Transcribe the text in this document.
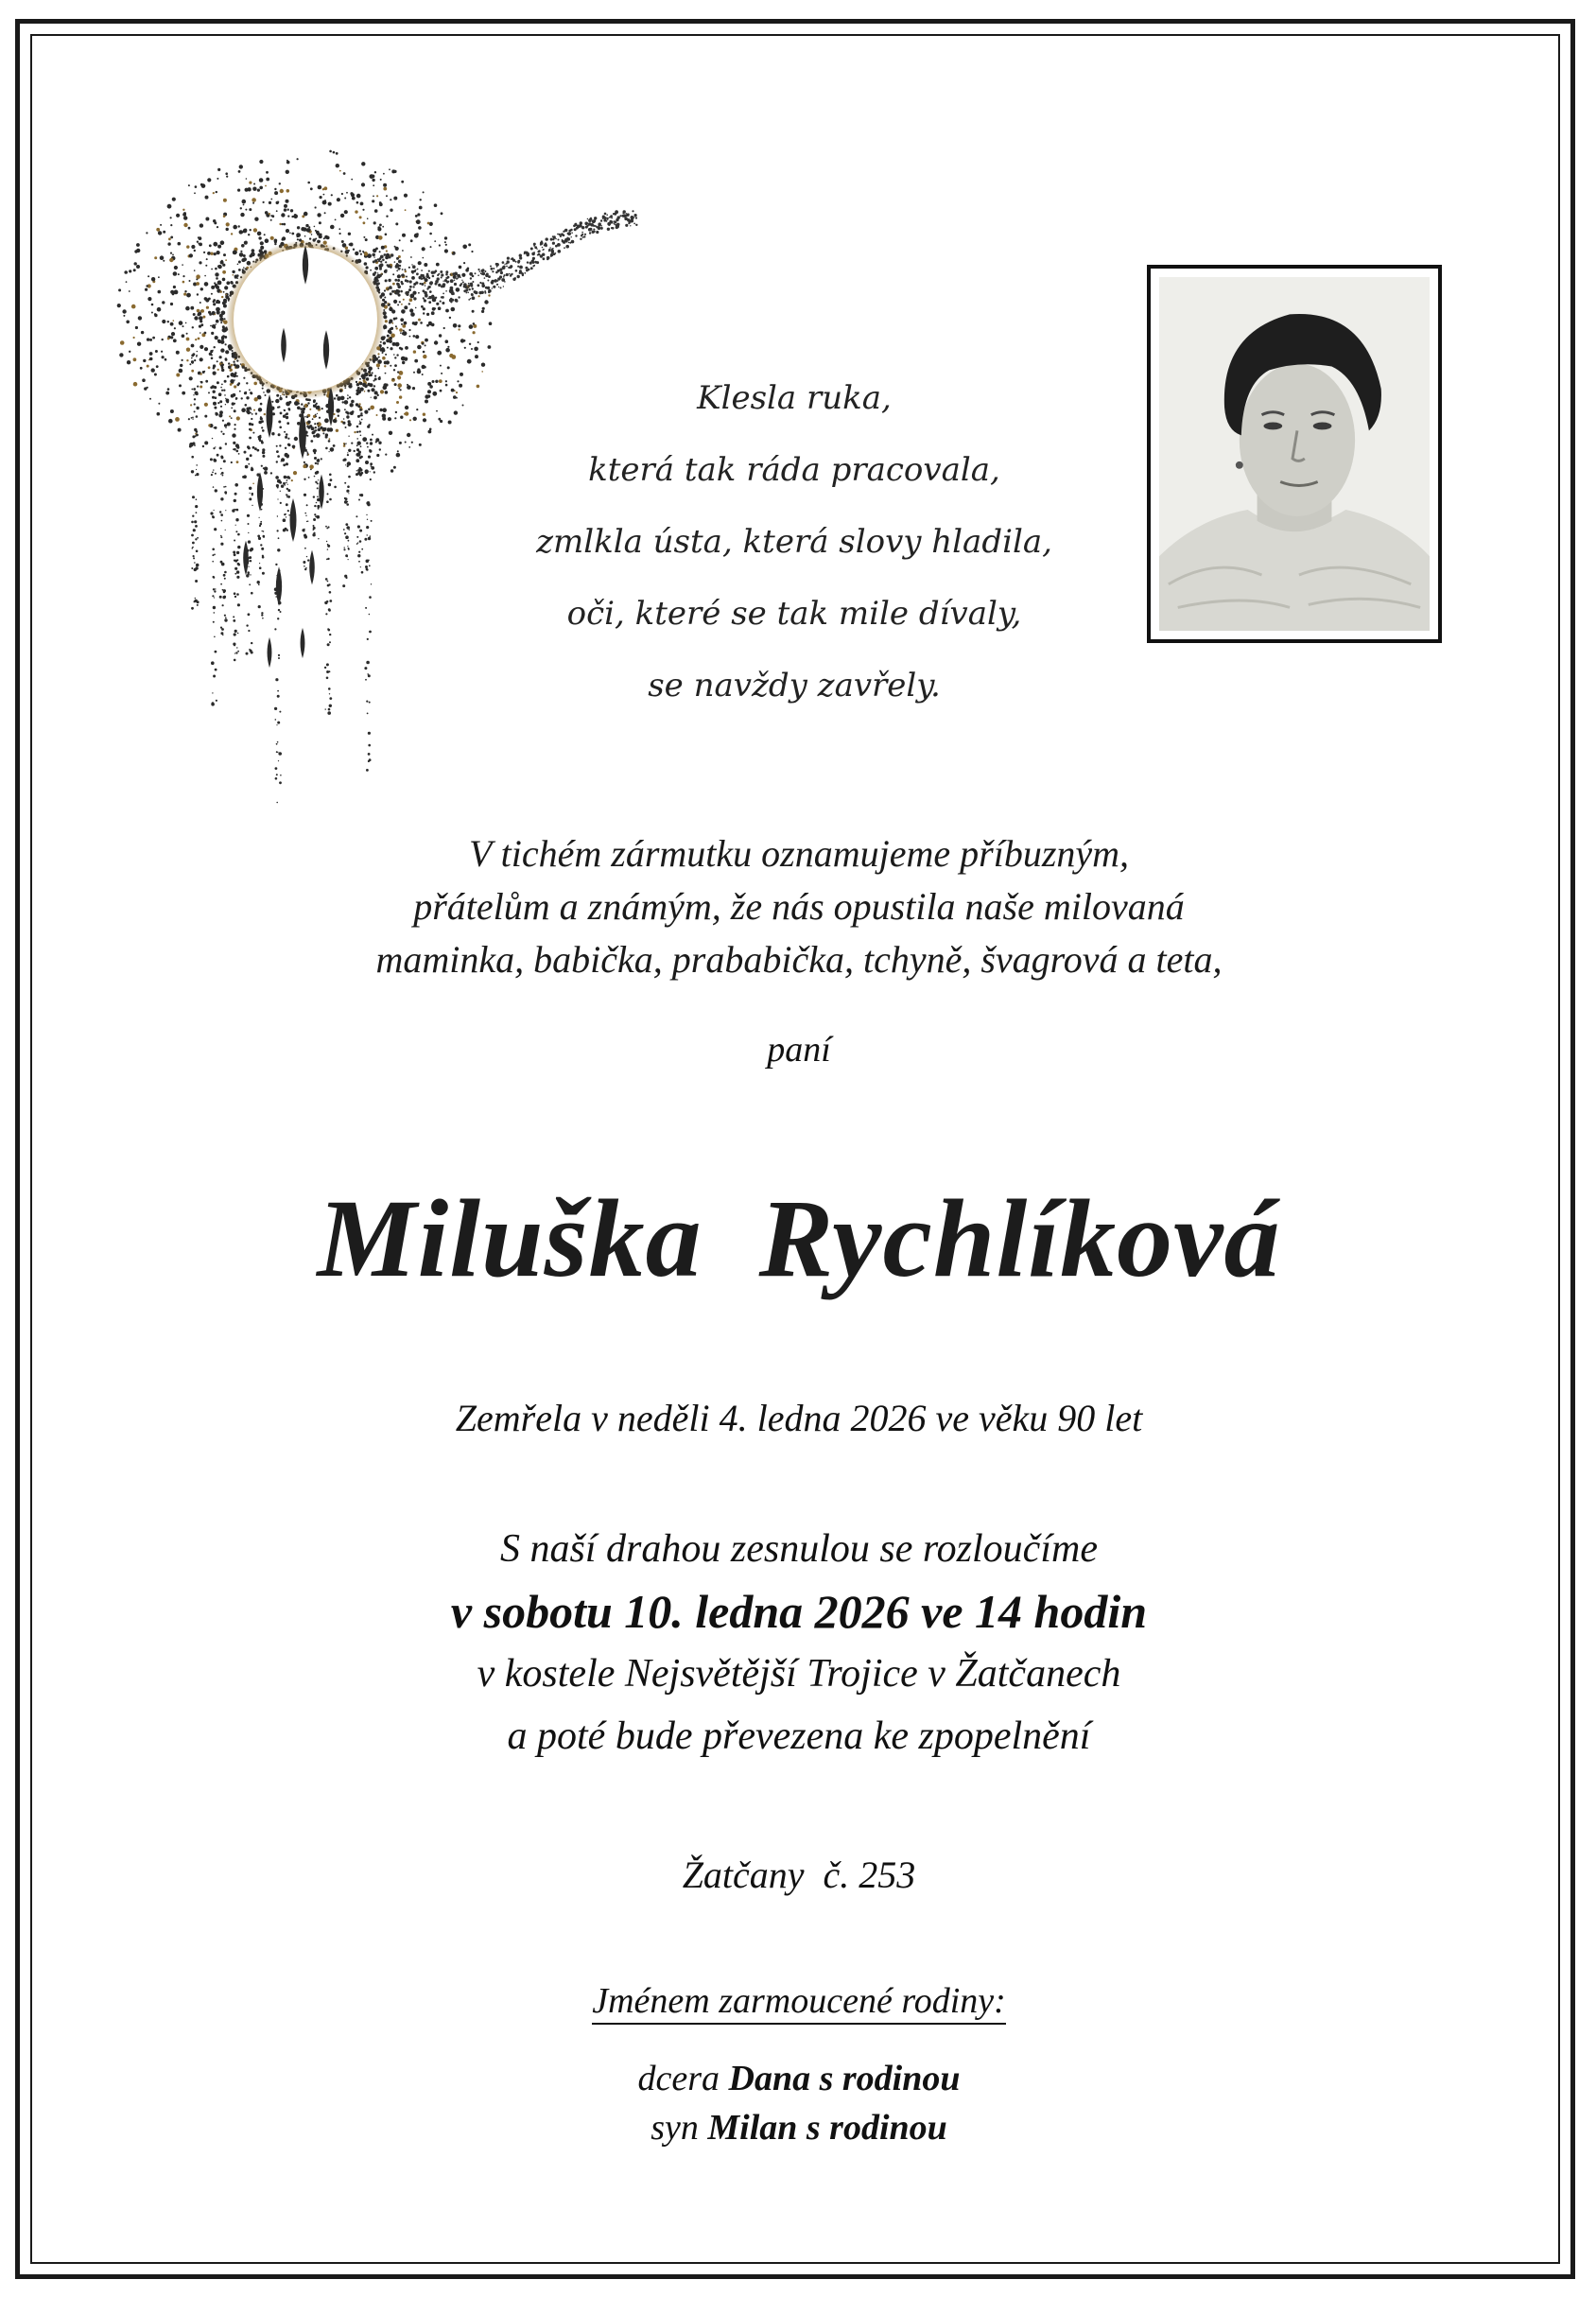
Klesla ruka,
která tak ráda pracovala,
zmlkla ústa, která slovy hladila,
oči, které se tak mile dívaly,
se navždy zavřely.
V tichém zármutku oznamujeme příbuzným,
přátelům a známým, že nás opustila naše milovaná
maminka, babička, prababička, tchyně, švagrová a teta,
paní
Miluška Rychlíková
Zemřela v neděli 4. ledna 2026 ve věku 90 let
S naší drahou zesnulou se rozloučíme
v sobotu 10. ledna 2026 ve 14 hodin
v kostele Nejsvětější Trojice v Žatčanech
a poté bude převezena ke zpopelnění
Žatčany  č. 253
Jménem zarmoucené rodiny:
dcera Dana s rodinou
syn Milan s rodinou
